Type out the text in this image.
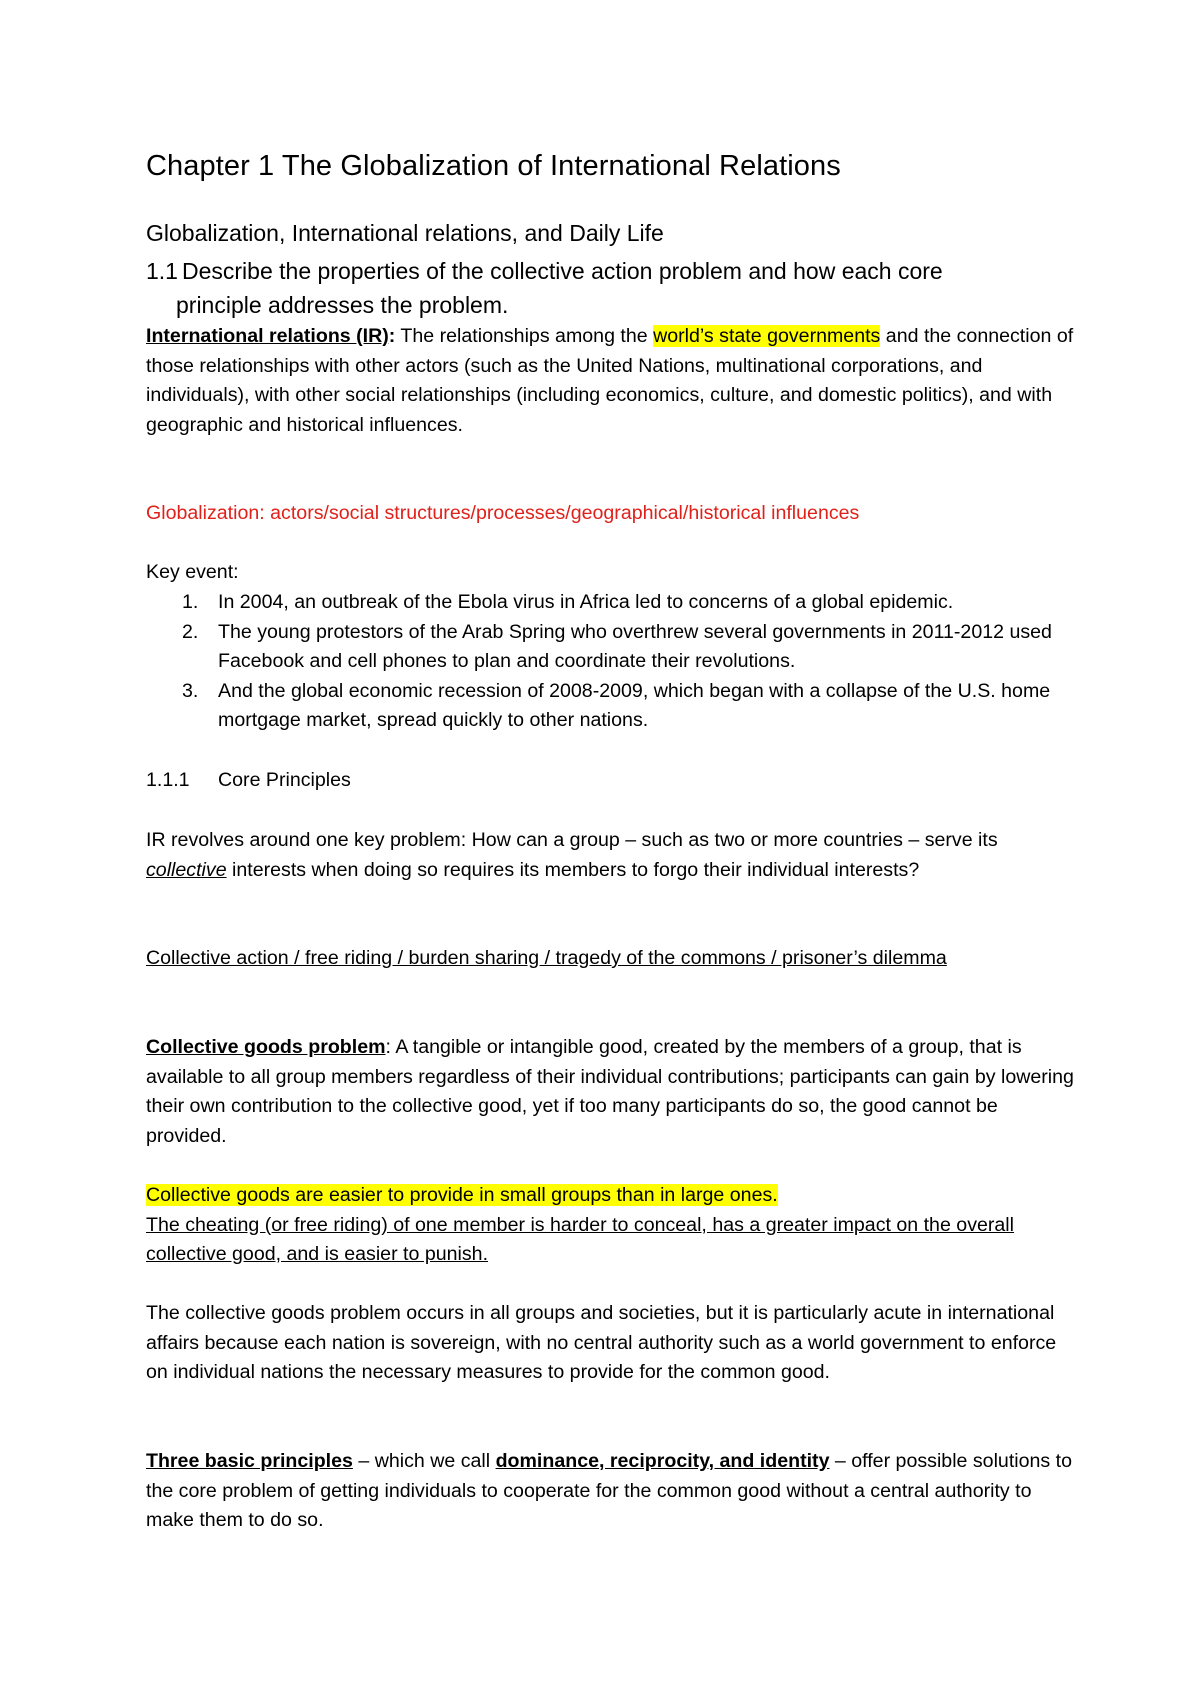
Chapter 1 The Globalization of International Relations
Globalization, International relations, and Daily Life
1.1 Describe the properties of the collective action problem and how each core
principle addresses the problem.

International relations (IR): The relationships among the world’s state governments and the connection of those relationships with other actors (such as the United Nations, multinational corporations, and individuals), with other social relationships (including economics, culture, and domestic politics), and with geographic and historical influences.

Globalization: actors/social structures/processes/geographical/historical influences

Key event:

1. In 2004, an outbreak of the Ebola virus in Africa led to concerns of a global epidemic.
2. The young protestors of the Arab Spring who overthrew several governments in 2011-2012 used Facebook and cell phones to plan and coordinate their revolutions.
3. And the global economic recession of 2008-2009, which began with a collapse of the U.S. home mortgage market, spread quickly to other nations.
1.1.1 Core Principles

IR revolves around one key problem: How can a group – such as two or more countries – serve its collective interests when doing so requires its members to forgo their individual interests?

Collective action / free riding / burden sharing / tragedy of the commons / prisoner’s dilemma

Collective goods problem: A tangible or intangible good, created by the members of a group, that is available to all group members regardless of their individual contributions; participants can gain by lowering their own contribution to the collective good, yet if too many participants do so, the good cannot be provided.

Collective goods are easier to provide in small groups than in large ones.
The cheating (or free riding) of one member is harder to conceal, has a greater impact on the overall collective good, and is easier to punish.

The collective goods problem occurs in all groups and societies, but it is particularly acute in international affairs because each nation is sovereign, with no central authority such as a world government to enforce on individual nations the necessary measures to provide for the common good.

Three basic principles – which we call dominance, reciprocity, and identity – offer possible solutions to the core problem of getting individuals to cooperate for the common good without a central authority to make them to do so.
